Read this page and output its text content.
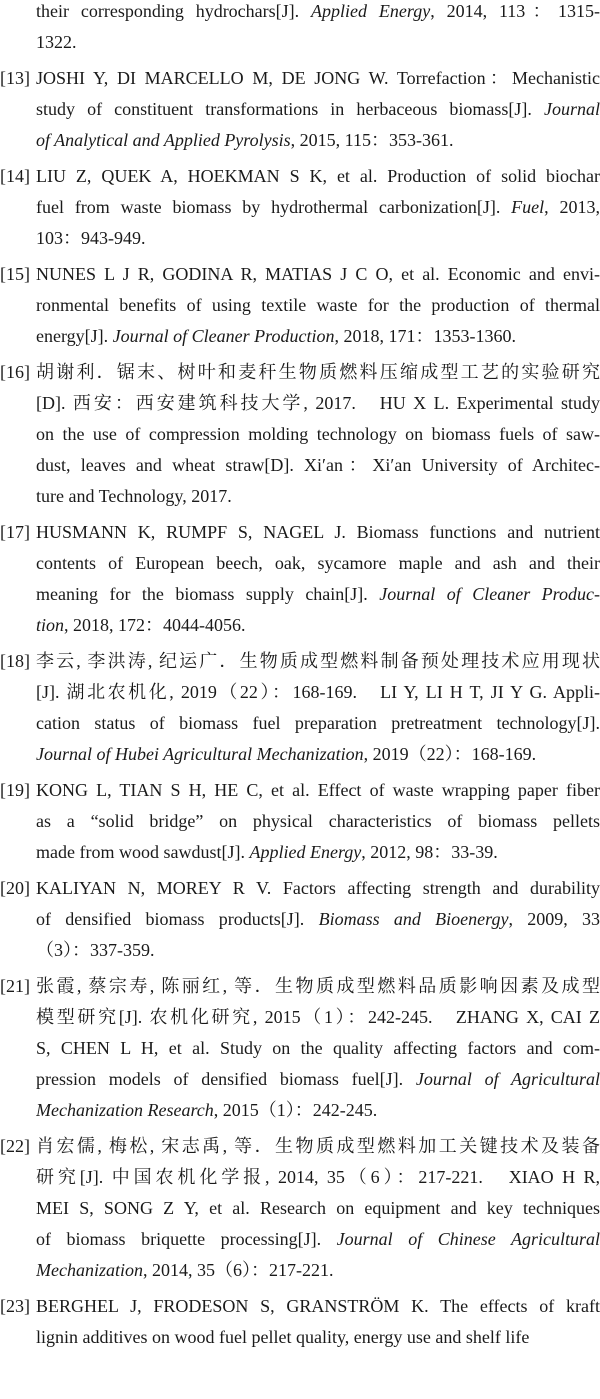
their corresponding hydrochars[J]. Applied Energy, 2014, 113：1315-
1322.
[13] JOSHI Y, DI MARCELLO M, DE JONG W. Torrefaction：Mechanistic
study of constituent transformations in herbaceous biomass[J]. Journal
of Analytical and Applied Pyrolysis, 2015, 115：353-361.
[14] LIU Z, QUEK A, HOEKMAN S K, et al. Production of solid biochar
fuel from waste biomass by hydrothermal carbonization[J]. Fuel, 2013,
103：943-949.
[15] NUNES L J R, GODINA R, MATIAS J C O, et al. Economic and envi-
ronmental benefits of using textile waste for the production of thermal
energy[J]. Journal of Cleaner Production, 2018, 171：1353-1360.
[16] 胡谢利．锯末、树叶和麦秆生物质燃料压缩成型工艺的实验研究
[D]. 西安：西安建筑科技大学, 2017.　HU X L. Experimental study
on the use of compression molding technology on biomass fuels of saw-
dust, leaves and wheat straw[D]. Xi′an：Xi′an University of Architec-
ture and Technology, 2017.
[17] HUSMANN K, RUMPF S, NAGEL J. Biomass functions and nutrient
contents of European beech, oak, sycamore maple and ash and their
meaning for the biomass supply chain[J]. Journal of Cleaner Produc-
tion, 2018, 172：4044-4056.
[18] 李云, 李洪涛, 纪运广．生物质成型燃料制备预处理技术应用现状
[J]. 湖北农机化, 2019（22）：168-169.　LI Y, LI H T, JI Y G. Appli-
cation status of biomass fuel preparation pretreatment technology[J].
Journal of Hubei Agricultural Mechanization, 2019（22）：168-169.
[19] KONG L, TIAN S H, HE C, et al. Effect of waste wrapping paper fiber
as a “solid bridge” on physical characteristics of biomass pellets
made from wood sawdust[J]. Applied Energy, 2012, 98：33-39.
[20] KALIYAN N, MOREY R V. Factors affecting strength and durability
of densified biomass products[J]. Biomass and Bioenergy, 2009, 33
（3）：337-359.
[21] 张霞, 蔡宗寿, 陈丽红, 等．生物质成型燃料品质影响因素及成型
模型研究[J]. 农机化研究, 2015（1）：242-245.　ZHANG X, CAI Z
S, CHEN L H, et al. Study on the quality affecting factors and com-
pression models of densified biomass fuel[J]. Journal of Agricultural
Mechanization Research, 2015（1）：242-245.
[22] 肖宏儒, 梅松, 宋志禹, 等．生物质成型燃料加工关键技术及装备
研究[J]. 中国农机化学报, 2014, 35（6）：217-221.　XIAO H R,
MEI S, SONG Z Y, et al. Research on equipment and key techniques
of biomass briquette processing[J]. Journal of Chinese Agricultural
Mechanization, 2014, 35（6）：217-221.
[23] BERGHEL J, FRODESON S, GRANSTRÖM K. The effects of kraft
lignin additives on wood fuel pellet quality, energy use and shelf life
